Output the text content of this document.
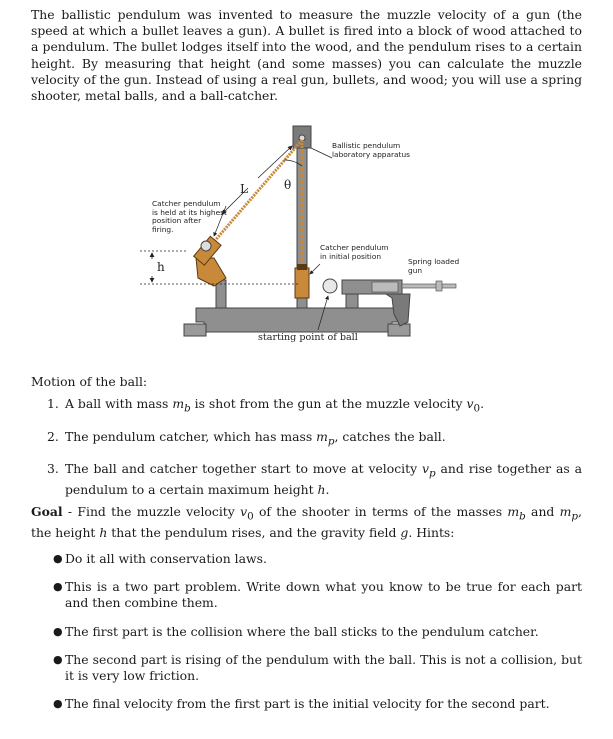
The ballistic pendulum was invented to measure the muzzle velocity of a gun (the speed at which a bullet leaves a gun). A bullet is fired into a block of wood attached to a pendulum. The bullet lodges itself into the wood, and the pendulum rises to a certain height. By measuring that height (and some masses) you can calculate the muzzle velocity of the gun. Instead of using a real gun, bullets, and wood; you will use a spring shooter, metal balls, and a ball-catcher.

Ballistic pendulum
laboratory apparatus
Catcher pendulum
is held at its highest
position after
firing.
Catcher pendulum
in initial position
Spring loaded
gun
L	θ
h
starting point of ball

Motion of the ball:

1. A ball with mass $m_b$ is shot from the gun at the muzzle velocity $v_0$.
2. The pendulum catcher, which has mass $m_p$, catches the ball.
3. The ball and catcher together start to move at velocity $v_p$ and rise together as a pendulum to a certain maximum height h.

Goal - Find the muzzle velocity $v_0$ of the shooter in terms of the masses $m_b$ and $m_p$, the height h that the pendulum rises, and the gravity field g. Hints:

● Do it all with conservation laws.
● This is a two part problem. Write down what you know to be true for each part and then combine them.
● The first part is the collision where the ball sticks to the pendulum catcher.
● The second part is rising of the pendulum with the ball. This is not a collision, but it is very low friction.
● The final velocity from the first part is the initial velocity for the second part.
